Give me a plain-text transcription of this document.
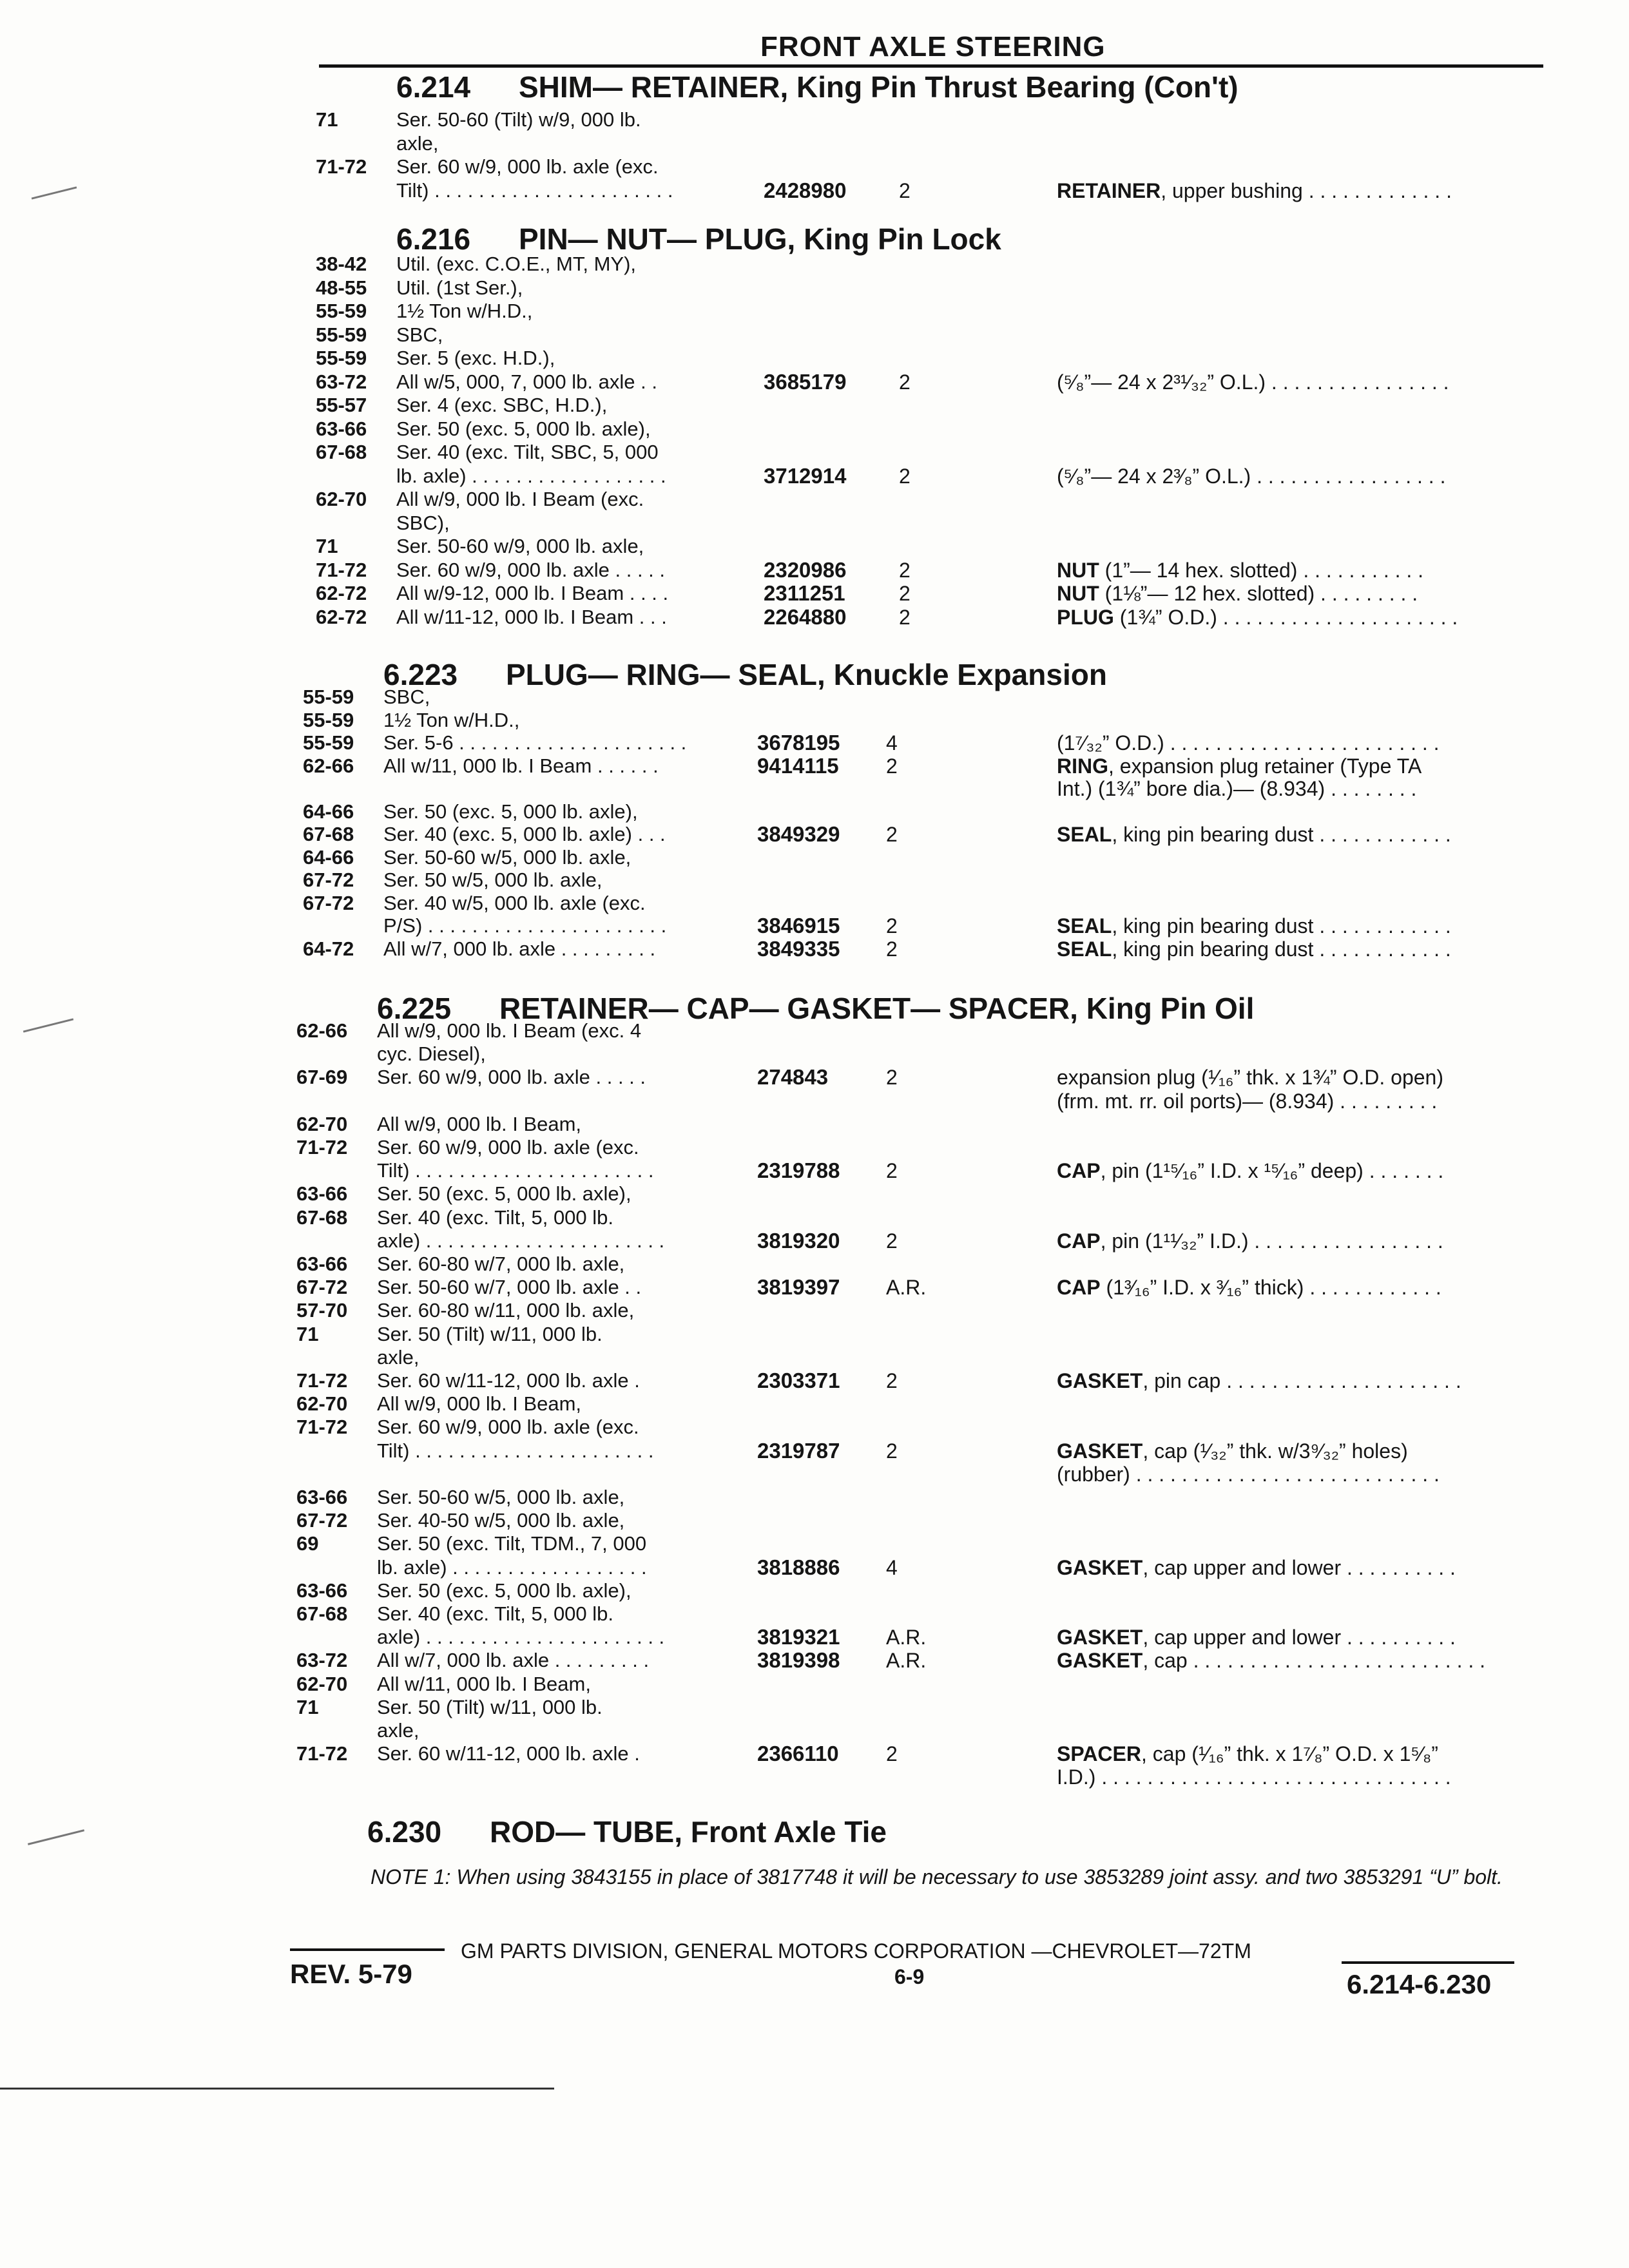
FRONT AXLE STEERING
6.214 SHIM— RETAINER, King Pin Thrust Bearing (Con't)
71	Ser. 50-60 (Tilt) w/9, 000 lb.
axle,
71-72	Ser. 60 w/9, 000 lb. axle (exc.
Tilt) . . . . . . . . . . . . . . . . . . . . . .	2428980	2	RETAINER, upper bushing . . . . . . . . . . . . .
6.216 PIN— NUT— PLUG, King Pin Lock
38-42	Util. (exc. C.O.E., MT, MY),
48-55	Util. (1st Ser.),
55-59	1½ Ton w/H.D.,
55-59	SBC,
55-59	Ser. 5 (exc. H.D.),
63-72	All w/5, 000, 7, 000 lb. axle . .	3685179	2	(⁵⁄₈”— 24 x 2³¹⁄₃₂” O.L.) . . . . . . . . . . . . . . . .
55-57	Ser. 4 (exc. SBC, H.D.),
63-66	Ser. 50 (exc. 5, 000 lb. axle),
67-68	Ser. 40 (exc. Tilt, SBC, 5, 000
lb. axle) . . . . . . . . . . . . . . . . . .	3712914	2	(⁵⁄₈”— 24 x 2³⁄₈” O.L.) . . . . . . . . . . . . . . . . .
62-70	All w/9, 000 lb. I Beam (exc.
SBC),
71	Ser. 50-60 w/9, 000 lb. axle,
71-72	Ser. 60 w/9, 000 lb. axle . . . . .	2320986	2	NUT (1”— 14 hex. slotted) . . . . . . . . . . .
62-72	All w/9-12, 000 lb. I Beam . . . .	2311251	2	NUT (1⅛”— 12 hex. slotted) . . . . . . . . .
62-72	All w/11-12, 000 lb. I Beam . . .	2264880	2	PLUG (1¾” O.D.) . . . . . . . . . . . . . . . . . . . . .
6.223 PLUG— RING— SEAL, Knuckle Expansion
55-59	SBC,
55-59	1½ Ton w/H.D.,
55-59	Ser. 5-6 . . . . . . . . . . . . . . . . . . . . .	3678195 4	(1⁷⁄₃₂” O.D.) . . . . . . . . . . . . . . . . . . . . . . . .
62-66	All w/11, 000 lb. I Beam . . . . . .	9414115 2	RING, expansion plug retainer (Type TA
Int.) (1¾” bore dia.)— (8.934) . . . . . . . .
64-66	Ser. 50 (exc. 5, 000 lb. axle),
67-68	Ser. 40 (exc. 5, 000 lb. axle) . . .	3849329 2	SEAL, king pin bearing dust . . . . . . . . . . . .
64-66	Ser. 50-60 w/5, 000 lb. axle,
67-72	Ser. 50 w/5, 000 lb. axle,
67-72	Ser. 40 w/5, 000 lb. axle (exc.
P/S) . . . . . . . . . . . . . . . . . . . . . .	3846915 2	SEAL, king pin bearing dust . . . . . . . . . . . .
64-72	All w/7, 000 lb. axle . . . . . . . . .	3849335 2	SEAL, king pin bearing dust . . . . . . . . . . . .
6.225 RETAINER— CAP— GASKET— SPACER, King Pin Oil
62-66	All w/9, 000 lb. I Beam (exc. 4
cyc. Diesel),
67-69	Ser. 60 w/9, 000 lb. axle . . . . .	274843	2	expansion plug (¹⁄₁₆” thk. x 1¾” O.D. open)
(frm. mt. rr. oil ports)— (8.934) . . . . . . . . .
62-70	All w/9, 000 lb. I Beam,
71-72	Ser. 60 w/9, 000 lb. axle (exc.
Tilt) . . . . . . . . . . . . . . . . . . . . . .	2319788 2	CAP, pin (1¹⁵⁄₁₆” I.D. x ¹⁵⁄₁₆” deep) . . . . . . .
63-66	Ser. 50 (exc. 5, 000 lb. axle),
67-68	Ser. 40 (exc. Tilt, 5, 000 lb.
axle) . . . . . . . . . . . . . . . . . . . . . .	3819320 2	CAP, pin (1¹¹⁄₃₂” I.D.) . . . . . . . . . . . . . . . . .
63-66	Ser. 60-80 w/7, 000 lb. axle,
67-72	Ser. 50-60 w/7, 000 lb. axle . .	3819397 A.R.	CAP (1³⁄₁₆” I.D. x ³⁄₁₆” thick) . . . . . . . . . . . .
57-70	Ser. 60-80 w/11, 000 lb. axle,
71	Ser. 50 (Tilt) w/11, 000 lb.
axle,
71-72	Ser. 60 w/11-12, 000 lb. axle .	2303371 2	GASKET, pin cap . . . . . . . . . . . . . . . . . . . . .
62-70	All w/9, 000 lb. I Beam,
71-72	Ser. 60 w/9, 000 lb. axle (exc.
Tilt) . . . . . . . . . . . . . . . . . . . . . .	2319787 2	GASKET, cap (¹⁄₃₂” thk. w/3⁹⁄₃₂” holes)
(rubber) . . . . . . . . . . . . . . . . . . . . . . . . . . .
63-66	Ser. 50-60 w/5, 000 lb. axle,
67-72	Ser. 40-50 w/5, 000 lb. axle,
69	Ser. 50 (exc. Tilt, TDM., 7, 000
lb. axle) . . . . . . . . . . . . . . . . . .	3818886 4	GASKET, cap upper and lower . . . . . . . . . .
63-66	Ser. 50 (exc. 5, 000 lb. axle),
67-68	Ser. 40 (exc. Tilt, 5, 000 lb.
axle) . . . . . . . . . . . . . . . . . . . . . .	3819321 A.R.	GASKET, cap upper and lower . . . . . . . . . .
63-72	All w/7, 000 lb. axle . . . . . . . . .	3819398 A.R.	GASKET, cap . . . . . . . . . . . . . . . . . . . . . . . . . .
62-70	All w/11, 000 lb. I Beam,
71	Ser. 50 (Tilt) w/11, 000 lb.
axle,
71-72	Ser. 60 w/11-12, 000 lb. axle .	2366110 2	SPACER, cap (¹⁄₁₆” thk. x 1⁷⁄₈” O.D. x 1⁵⁄₈”
I.D.) . . . . . . . . . . . . . . . . . . . . . . . . . . . . . . .
6.230 ROD— TUBE, Front Axle Tie
NOTE 1: When using 3843155 in place of 3817748 it will be necessary to use 3853289 joint assy. and two 3853291 “U” bolt.
GM PARTS DIVISION, GENERAL MOTORS CORPORATION —CHEVROLET—72TM
REV. 5-79	6-9	6.214-6.230
